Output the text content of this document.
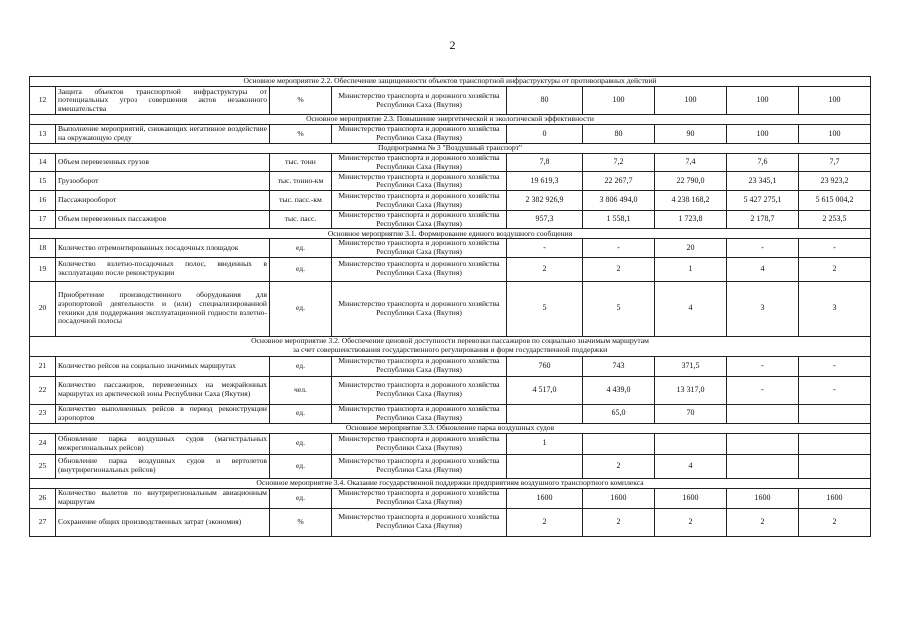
2
Основное мероприятие 2.2. Обеспечение защищенности объектов транспортной инфраструктуры от противоправных действий								

12	Защита объектов транспортной инфраструктуры от потенциальных угроз совершения актов незаконного вмешательства	%	Министерство транспорта и дорожного хозяйства Республики Саха (Якутия)	80	100	100	100	100

Основное мероприятие 2.3. Повышение энергетической и экологической эффективности								

13	Выполнение мероприятий, снижающих негативное воздействие на окружающую среду	%	Министерство транспорта и дорожного хозяйства Республики Саха (Якутия)	0	80	90	100	100

Подпрограмма № 3 "Воздушный транспорт"								

14	Объем перевезенных грузов	тыс. тонн	Министерство транспорта и дорожного хозяйства Республики Саха (Якутия)	7,8	7,2	7,4	7,6	7,7
15	Грузооборот	тыс. тонно-км	Министерство транспорта и дорожного хозяйства Республики Саха (Якутия)	19 619,3	22 267,7	22 790,0	23 345,1	23 923,2
16	Пассажирооборот	тыс. пасс.-км	Министерство транспорта и дорожного хозяйства Республики Саха (Якутия)	2 382 926,9	3 806 494,0	4 238 168,2	5 427 275,1	5 615 004,2
17	Объем перевезенных пассажиров	тыс. пасс.	Министерство транспорта и дорожного хозяйства Республики Саха (Якутия)	957,3	1 558,1	1 723,8	2 178,7	2 253,5

Основное мероприятие 3.1. Формирование единого воздушного сообщения								

18	Количество отремонтированных посадочных площадок	ед.	Министерство транспорта и дорожного хозяйства Республики Саха (Якутия)	-	-	20	-	-
19	Количество взлетно-посадочных полос, введенных в эксплуатацию после реконструкции	ед.	Министерство транспорта и дорожного хозяйства Республики Саха (Якутия)	2	2	1	4	2
20	Приобретение производственного оборудования для аэропортовой деятельности и (или) специализированной техники для поддержания эксплуатационной годности взлетно-посадочной полосы	ед.	Министерство транспорта и дорожного хозяйства Республики Саха (Якутия)	5	5	4	3	3

Основное мероприятие 3.2. Обеспечение ценовой доступности перевозки пассажиров по социально значимым маршрутам
за счет совершенствования государственного регулирования и форм государственной поддержки								

21	Количество рейсов на социально значимых маршрутах	ед.	Министерство транспорта и дорожного хозяйства Республики Саха (Якутия)	760	743	371,5	-	-
22	Количество пассажиров, перевезенных на межрайонных маршрутах из арктической зоны Республики Саха (Якутия)	чел.	Министерство транспорта и дорожного хозяйства Республики Саха (Якутия)	4 517,0	4 439,0	13 317,0	-	-
23	Количество выполненных рейсов в период реконструкции аэропортов	ед.	Министерство транспорта и дорожного хозяйства Республики Саха (Якутия)		65,0	70		

Основное мероприятие 3.3. Обновление парка воздушных судов								

24	Обновление парка воздушных судов (магистральных межрегиональных рейсов)	ед.	Министерство транспорта и дорожного хозяйства Республики Саха (Якутия)	1				
25	Обновление парка воздушных судов и вертолетов (внутрирегиональных рейсов)	ед.	Министерство транспорта и дорожного хозяйства Республики Саха (Якутия)		2	4		

Основное мероприятие 3.4. Оказание государственной поддержки предприятиям воздушного транспортного комплекса								

26	Количество вылетов по внутрирегиональным авиационным маршрутам	ед.	Министерство транспорта и дорожного хозяйства Республики Саха (Якутия)	1600	1600	1600	1600	1600
27	Сохранение общих производственных затрат (экономия)	%	Министерство транспорта и дорожного хозяйства Республики Саха (Якутия)	2	2	2	2	2
